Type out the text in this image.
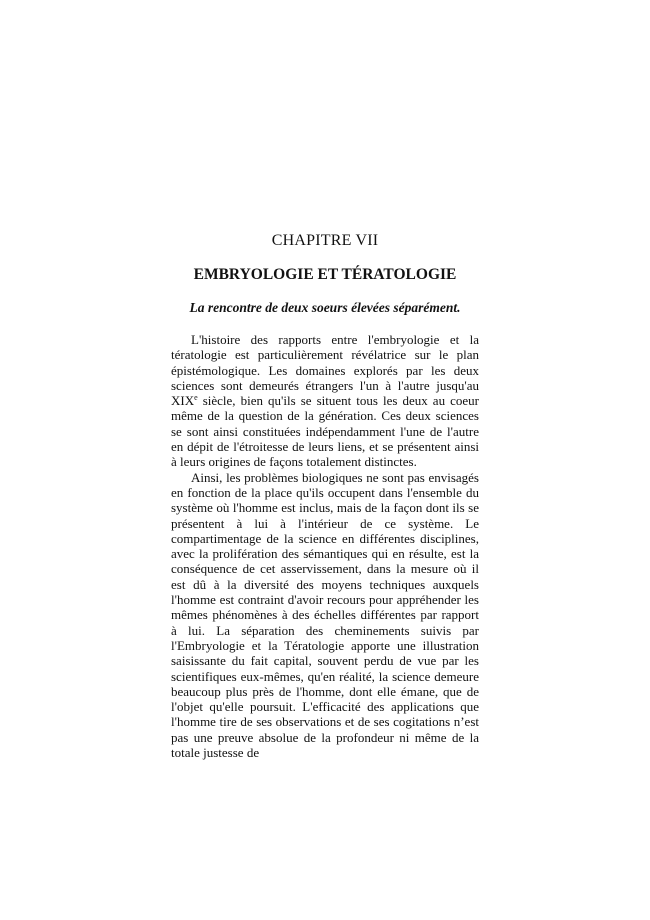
CHAPITRE VII
EMBRYOLOGIE ET TÉRATOLOGIE
La rencontre de deux soeurs élevées séparément.

L'histoire des rapports entre l'embryologie et la tératologie est particulièrement révélatrice sur le plan épistémologique. Les domaines explorés par les deux sciences sont demeurés étrangers l'un à l'autre jusqu'au XIXe siècle, bien qu'ils se situent tous les deux au coeur même de la question de la génération. Ces deux sciences se sont ainsi constituées indépendamment l'une de l'autre en dépit de l'étroitesse de leurs liens, et se présentent ainsi à leurs origines de façons totalement distinctes.

Ainsi, les problèmes biologiques ne sont pas envisagés en fonction de la place qu'ils occupent dans l'ensemble du système où l'homme est inclus, mais de la façon dont ils se présentent à lui à l'intérieur de ce système. Le compartimentage de la science en différentes disciplines, avec la prolifération des sémantiques qui en résulte, est la conséquence de cet asservissement, dans la mesure où il est dû à la diversité des moyens techniques auxquels l'homme est contraint d'avoir recours pour appréhender les mêmes phénomènes à des échelles différentes par rapport à lui. La séparation des cheminements suivis par l'Embryologie et la Tératologie apporte une illustration saisissante du fait capital, souvent perdu de vue par les scientifiques eux-mêmes, qu'en réalité, la science demeure beaucoup plus près de l'homme, dont elle émane, que de l'objet qu'elle poursuit. L'efficacité des applications que l'homme tire de ses observations et de ses cogitations n’est pas une preuve absolue de la profondeur ni même de la totale justesse de
